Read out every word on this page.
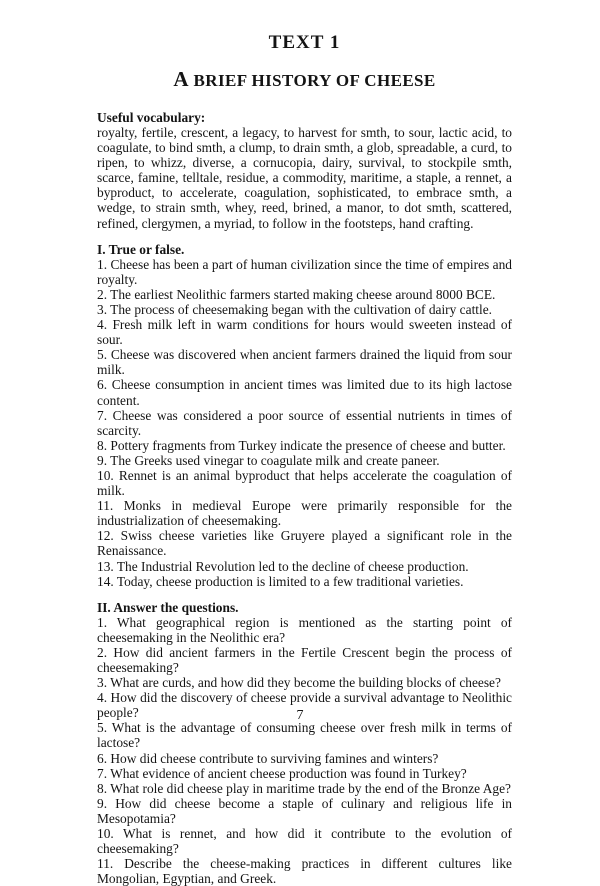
TEXT 1
A BRIEF HISTORY OF CHEESE
Useful vocabulary:
royalty, fertile, crescent, a legacy, to harvest for smth, to sour, lactic acid, to coagulate, to bind smth, a clump, to drain smth, a glob, spreadable, a curd, to ripen, to whizz, diverse, a cornucopia, dairy, survival, to stockpile smth, scarce, famine, telltale, residue, a commodity, maritime, a staple, a rennet, a byproduct, to accelerate, coagulation, sophisticated, to embrace smth, a wedge, to strain smth, whey, reed, brined, a manor, to dot smth, scattered, refined, clergymen, a myriad, to follow in the footsteps, hand crafting.
I. True or false.
1. Cheese has been a part of human civilization since the time of empires and royalty.
2. The earliest Neolithic farmers started making cheese around 8000 BCE.
3. The process of cheesemaking began with the cultivation of dairy cattle.
4. Fresh milk left in warm conditions for hours would sweeten instead of sour.
5. Cheese was discovered when ancient farmers drained the liquid from sour milk.
6. Cheese consumption in ancient times was limited due to its high lactose content.
7. Cheese was considered a poor source of essential nutrients in times of scarcity.
8. Pottery fragments from Turkey indicate the presence of cheese and butter.
9. The Greeks used vinegar to coagulate milk and create paneer.
10. Rennet is an animal byproduct that helps accelerate the coagulation of milk.
11. Monks in medieval Europe were primarily responsible for the industrialization of cheesemaking.
12. Swiss cheese varieties like Gruyere played a significant role in the Renaissance.
13. The Industrial Revolution led to the decline of cheese production.
14. Today, cheese production is limited to a few traditional varieties.
II. Answer the questions.
1. What geographical region is mentioned as the starting point of cheesemaking in the Neolithic era?
2. How did ancient farmers in the Fertile Crescent begin the process of cheesemaking?
3. What are curds, and how did they become the building blocks of cheese?
4. How did the discovery of cheese provide a survival advantage to Neolithic people?
5. What is the advantage of consuming cheese over fresh milk in terms of lactose?
6. How did cheese contribute to surviving famines and winters?
7. What evidence of ancient cheese production was found in Turkey?
8. What role did cheese play in maritime trade by the end of the Bronze Age?
9. How did cheese become a staple of culinary and religious life in Mesopotamia?
10. What is rennet, and how did it contribute to the evolution of cheesemaking?
11. Describe the cheese-making practices in different cultures like Mongolian, Egyptian, and Greek.
7
